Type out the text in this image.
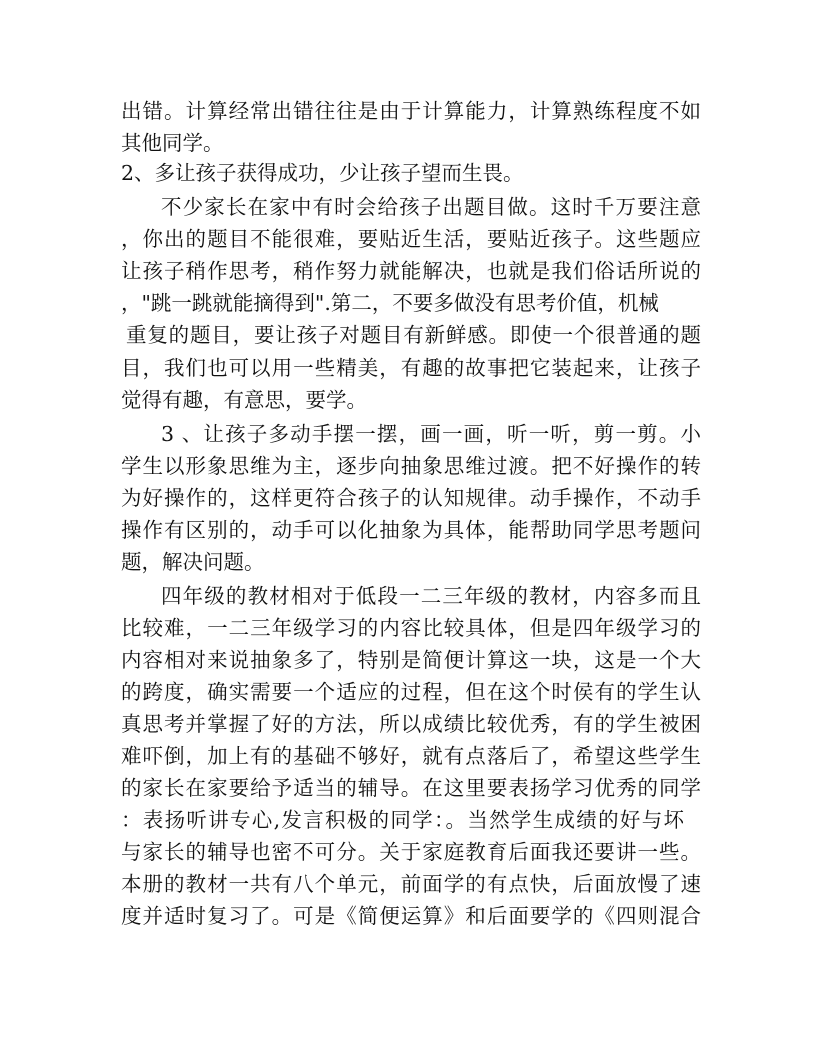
出错。计算经常出错往往是由于计算能力，计算熟练程度不如
其他同学。
2、多让孩子获得成功，少让孩子望而生畏。
不少家长在家中有时会给孩子出题目做。这时千万要注意
，你出的题目不能很难，要贴近生活，要贴近孩子。这些题应
让孩子稍作思考，稍作努力就能解决，也就是我们俗话所说的
，"跳一跳就能摘得到".第二，不要多做没有思考价值，机械
重复的题目，要让孩子对题目有新鲜感。即使一个很普通的题
目，我们也可以用一些精美，有趣的故事把它装起来，让孩子
觉得有趣，有意思，要学。
3 、让孩子多动手摆一摆，画一画，听一听，剪一剪。小
学生以形象思维为主，逐步向抽象思维过渡。把不好操作的转
为好操作的，这样更符合孩子的认知规律。动手操作，不动手
操作有区别的，动手可以化抽象为具体，能帮助同学思考题问
题，解决问题。
四年级的教材相对于低段一二三年级的教材，内容多而且
比较难，一二三年级学习的内容比较具体，但是四年级学习的
内容相对来说抽象多了，特别是简便计算这一块，这是一个大
的跨度，确实需要一个适应的过程，但在这个时侯有的学生认
真思考并掌握了好的方法，所以成绩比较优秀，有的学生被困
难吓倒，加上有的基础不够好，就有点落后了，希望这些学生
的家长在家要给予适当的辅导。在这里要表扬学习优秀的同学
：表扬听讲专心,发言积极的同学：。当然学生成绩的好与坏
与家长的辅导也密不可分。关于家庭教育后面我还要讲一些。
本册的教材一共有八个单元，前面学的有点快，后面放慢了速
度并适时复习了。可是《简便运算》和后面要学的《四则混合
